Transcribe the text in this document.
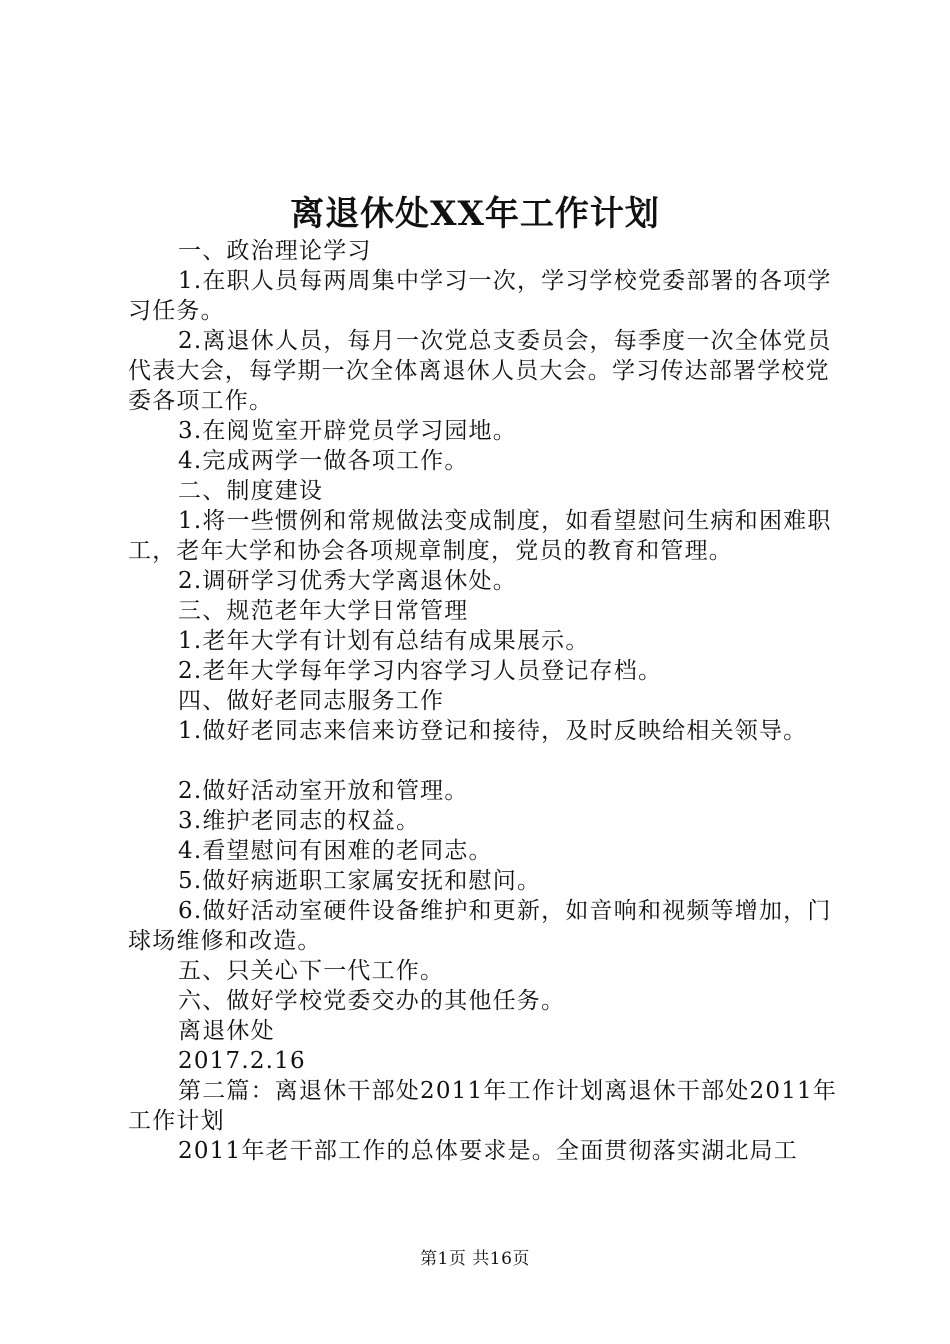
离退休处XX年工作计划

一、政治理论学习

1.在职人员每两周集中学习一次，学习学校党委部署的各项学习任务。

2.离退休人员，每月一次党总支委员会，每季度一次全体党员代表大会，每学期一次全体离退休人员大会。学习传达部署学校党委各项工作。

3.在阅览室开辟党员学习园地。

4.完成两学一做各项工作。

二、制度建设

1.将一些惯例和常规做法变成制度，如看望慰问生病和困难职工，老年大学和协会各项规章制度，党员的教育和管理。

2.调研学习优秀大学离退休处。

三、规范老年大学日常管理

1.老年大学有计划有总结有成果展示。

2.老年大学每年学习内容学习人员登记存档。

四、做好老同志服务工作

1.做好老同志来信来访登记和接待，及时反映给相关领导。

2.做好活动室开放和管理。

3.维护老同志的权益。

4.看望慰问有困难的老同志。

5.做好病逝职工家属安抚和慰问。

6.做好活动室硬件设备维护和更新，如音响和视频等增加，门球场维修和改造。

五、只关心下一代工作。

六、做好学校党委交办的其他任务。

离退休处

2017.2.16

第二篇：离退休干部处2011年工作计划离退休干部处2011年工作计划

2011年老干部工作的总体要求是。全面贯彻落实湖北局工

第1页 共16页
